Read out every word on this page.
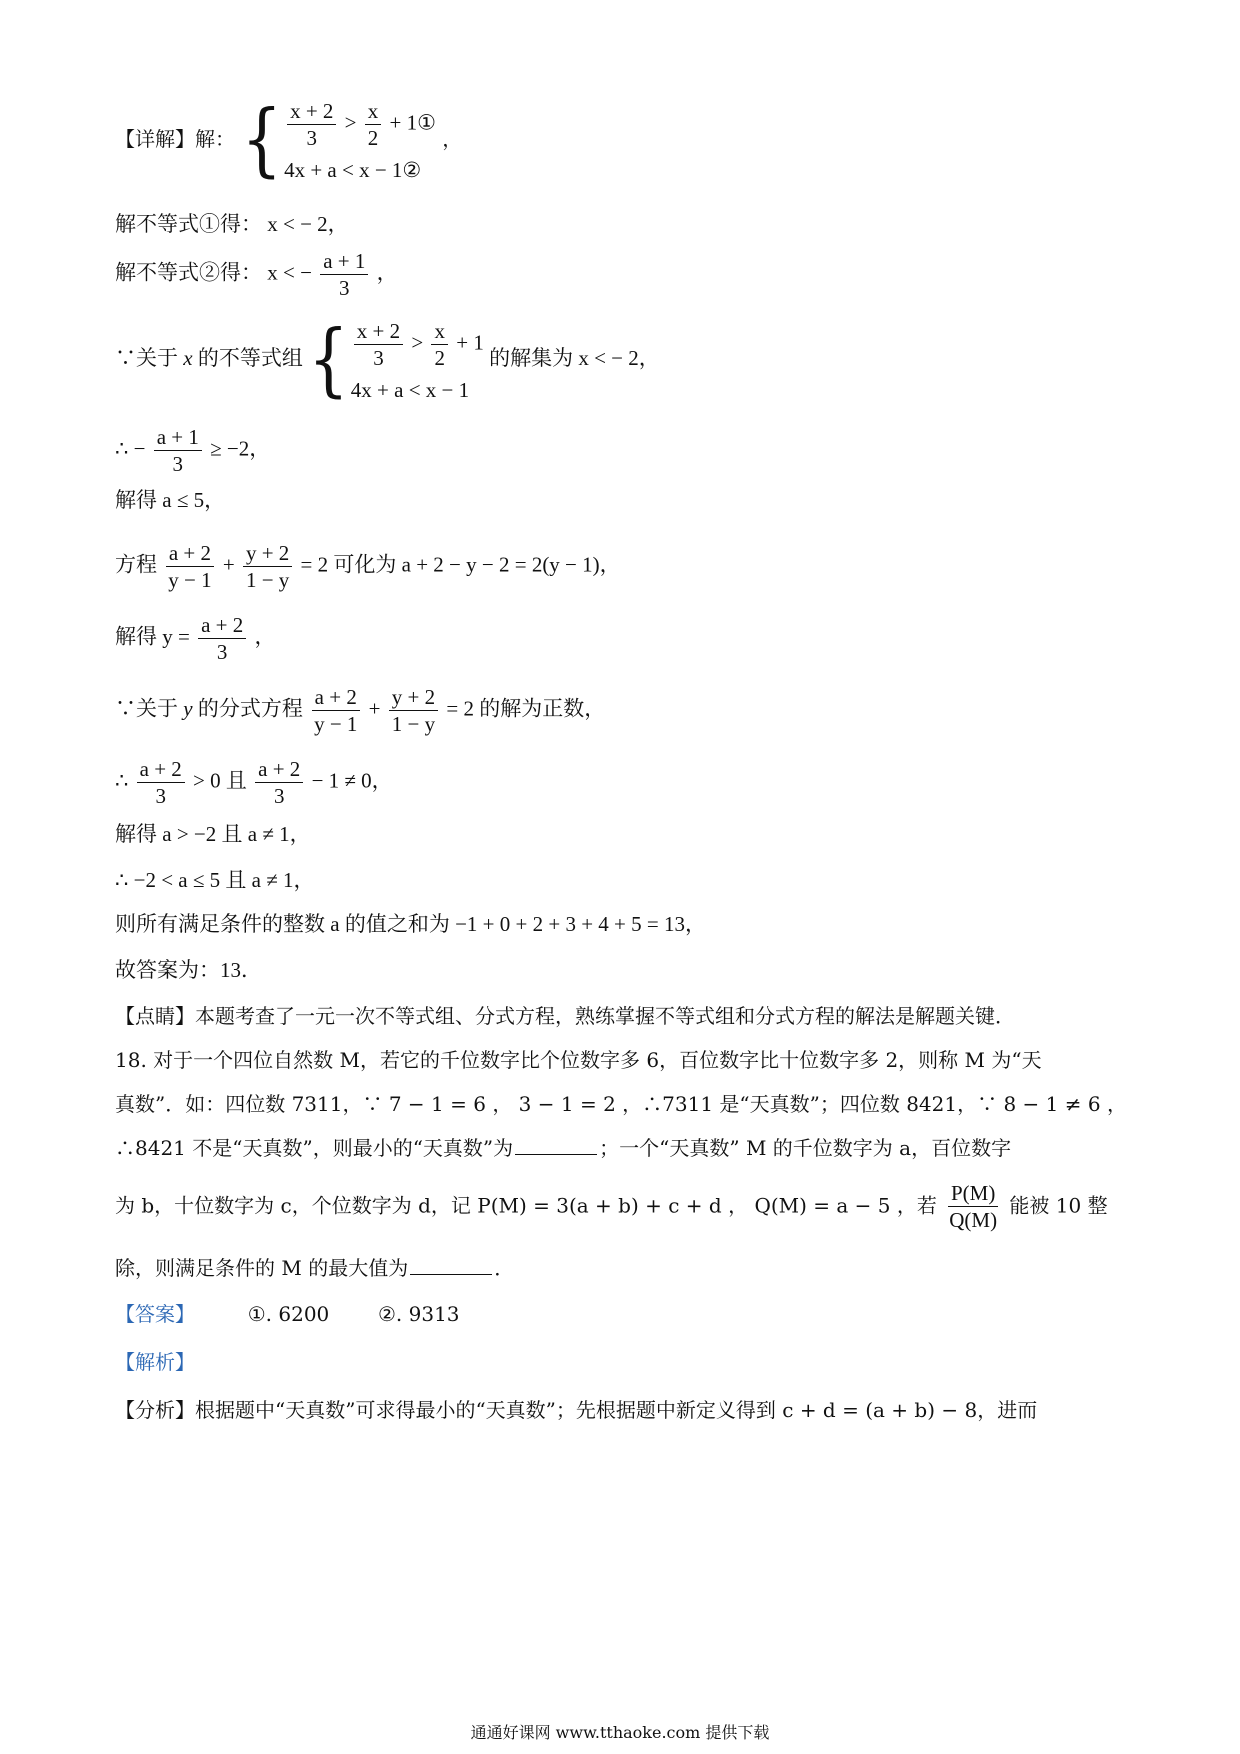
【详解】解： { $\frac{x + 2}{3} > \frac{x}{2}$ + 1①
4x + a < x − 1②
，
解不等式①得： x < − 2，
解不等式②得： x < − $\frac{a + 1}{3}$ ，
∵关于 x 的不等式组 { $\frac{x + 2}{3} > \frac{x}{2} + 1$
4x + a < x − 1
的解集为 x < − 2，
∴ − $\frac{a + 1}{3} \ge -2$，
解得 a ≤ 5，
方程 $\frac{a + 2}{y - 1} + \frac{y + 2}{1 - y} = 2$ 可化为 a + 2 − y − 2 = 2(y − 1)，
解得 $y = \frac{a + 2}{3}$ ，
∵关于 y 的分式方程 $\frac{a + 2}{y - 1} + \frac{y + 2}{1 - y} = 2$ 的解为正数，
∴ $\frac{a + 2}{3} > 0$ 且 $\frac{a + 2}{3} - 1 \ne 0$，
解得 a > −2 且 a ≠ 1，
∴ −2 < a ≤ 5 且 a ≠ 1，
则所有满足条件的整数 a 的值之和为 −1 + 0 + 2 + 3 + 4 + 5 = 13，
故答案为：13．
【点睛】本题考查了一元一次不等式组、分式方程，熟练掌握不等式组和分式方程的解法是解题关键．
18. 对于一个四位自然数 M，若它的千位数字比个位数字多 6，百位数字比十位数字多 2，则称 M 为“天
真数”．如：四位数 7311，∵ 7 − 1 = 6 ， 3 − 1 = 2 ，∴7311 是“天真数”；四位数 8421，∵ 8 − 1 ≠ 6 ，
∴8421 不是“天真数”，则最小的“天真数”为	；一个“天真数” M 的千位数字为 a，百位数字
为 b，十位数字为 c，个位数字为 d，记 P(M) = 3(a + b) + c + d ， Q(M) = a − 5 ，若 $\frac{P(M)}{Q(M)}$ 能被 10 整
除，则满足条件的 M 的最大值为	．
【答案】	①. 6200 ②. 9313
【解析】
【分析】根据题中“天真数”可求得最小的“天真数”；先根据题中新定义得到 c + d = (a + b) − 8，进而
通通好课网 www.tthaoke.com 提供下载
